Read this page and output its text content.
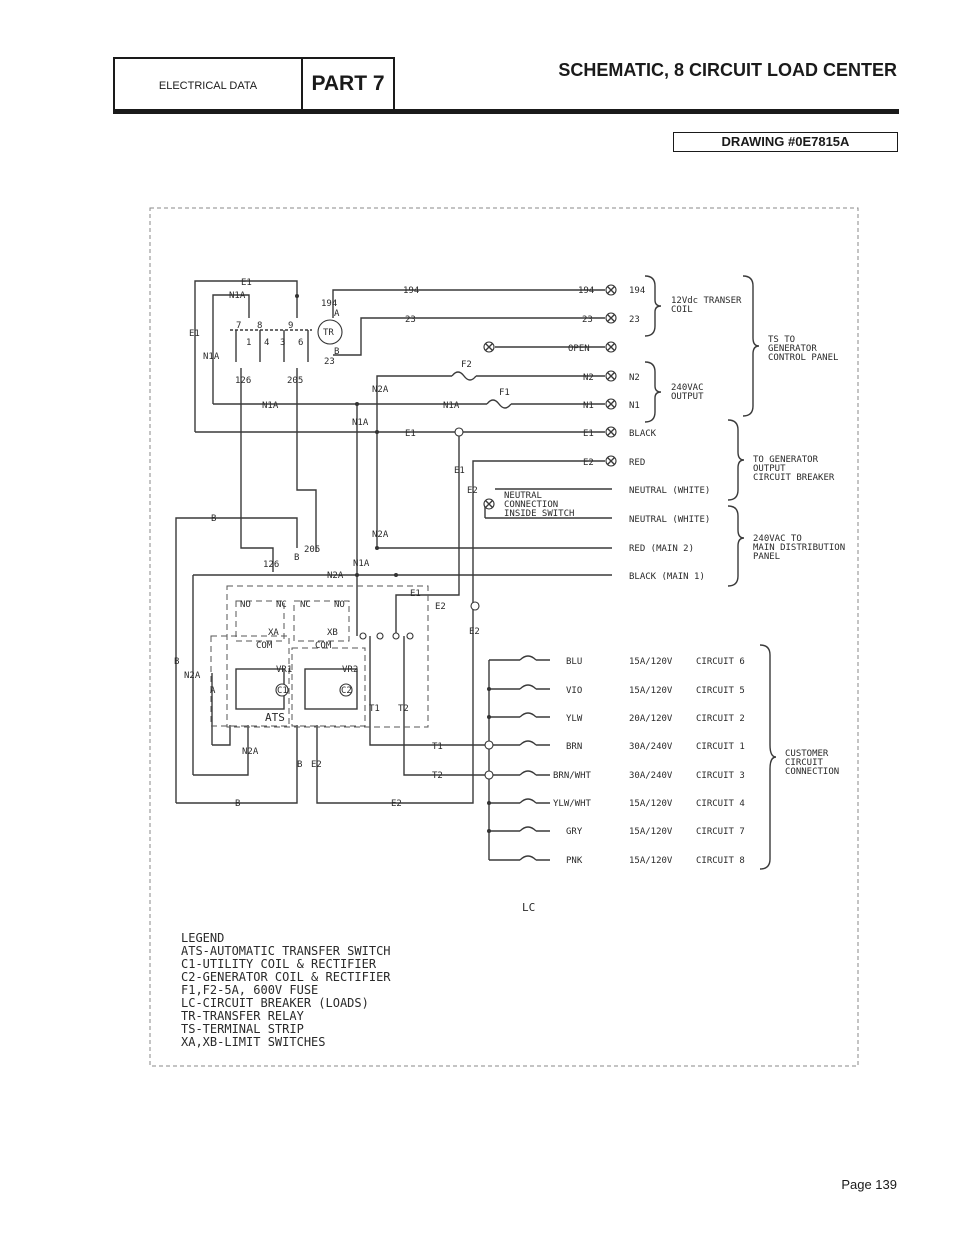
ELECTRICAL DATA	PART 7
SCHEMATIC, 8 CIRCUIT LOAD CENTER
DRAWING #0E7815A
E1
N1A
E1
N1A
7 8	9
1 4 3 6
126	205
194
A
TR
B
23
194
23
N2A
F2
F1
N1A	N1A
N1A
E1
E1
E2	NEUTRAL
CONNECTION
INSIDE SWITCH
B
N2A
205
B
126	N1A
N2A
E1
E2
E2
NO	NC NC	NO
XA	XB
COM	COM
B
N2A
A
VR1	VR2
C1	C2
ATS
T1 T2
T1
T2
N2A
B E2
B	E2
194
23
OPEN
N2
N1
E1
E2
194
23
N2
N1
BLACK
RED
NEUTRAL (WHITE)
NEUTRAL (WHITE)
RED (MAIN 2)
BLACK (MAIN 1)
12Vdc TRANSER
COIL
240VAC
OUTPUT
TS TO
GENERATOR
CONTROL PANEL
TO GENERATOR
OUTPUT
CIRCUIT BREAKER
240VAC TO
MAIN DISTRIBUTION
PANEL
CUSTOMER
CIRCUIT
CONNECTION
BLU	15A/120V	CIRCUIT 6
VIO	15A/120V	CIRCUIT 5
YLW	20A/120V	CIRCUIT 2
BRN	30A/240V	CIRCUIT 1
BRN/WHT	30A/240V	CIRCUIT 3
YLW/WHT	15A/120V	CIRCUIT 4
GRY	15A/120V	CIRCUIT 7
PNK	15A/120V	CIRCUIT 8
LC
LEGEND
ATS-AUTOMATIC TRANSFER SWITCH
C1-UTILITY COIL & RECTIFIER
C2-GENERATOR COIL & RECTIFIER
F1,F2-5A, 600V FUSE
LC-CIRCUIT BREAKER (LOADS)
TR-TRANSFER RELAY
TS-TERMINAL STRIP
XA,XB-LIMIT SWITCHES
Page 139
